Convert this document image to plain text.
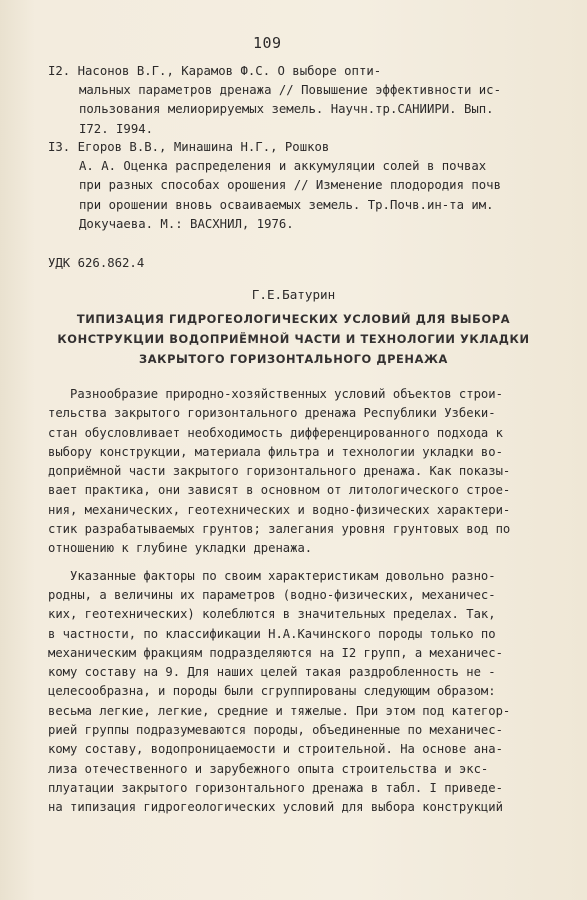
109
I2. Насонов В.Г., Карамов Ф.С. О выборе опти-
мальных параметров дренажа // Повышение эффективности ис-
пользования мелиорируемых земель. Научн.тр.САНИИРИ. Вып.
I72. I994.
I3. Егоров В.В., Минашина Н.Г., Рошков
А. А. Оценка распределения и аккумуляции солей в почвах
при разных способах орошения // Изменение плодородия почв
при орошении вновь осваиваемых земель. Тр.Почв.ин-та им.
Докучаева. М.: ВАСХНИЛ, 1976.
УДК 626.862.4
Г.Е.Батурин
ТИПИЗАЦИЯ ГИДРОГЕОЛОГИЧЕСКИХ УСЛОВИЙ ДЛЯ ВЫБОРА
КОНСТРУКЦИИ ВОДОПРИЁМНОЙ ЧАСТИ И ТЕХНОЛОГИИ УКЛАДКИ
ЗАКРЫТОГО ГОРИЗОНТАЛЬНОГО ДРЕНАЖА
Разнообразие природно-хозяйственных условий объектов строи-
тельства закрытого горизонтального дренажа Республики Узбеки-
стан обусловливает необходимость дифференцированного подхода к
выбору конструкции, материала фильтра и технологии укладки во-
доприёмной части закрытого горизонтального дренажа. Как показы-
вает практика, они зависят в основном от литологического строе-
ния, механических, геотехнических и водно-физических характери-
стик разрабатываемых грунтов; залегания уровня грунтовых вод по
отношению к глубине укладки дренажа.
Указанные факторы по своим характеристикам довольно разно-
родны, а величины их параметров (водно-физических, механичес-
ких, геотехнических) колеблются в значительных пределах. Так,
в частности, по классификации Н.А.Качинского породы только по
механическим фракциям подразделяются на I2 групп, а механичес-
кому составу на 9. Для наших целей такая раздробленность не -
целесообразна, и породы были сгруппированы следующим образом:
весьма легкие, легкие, средние и тяжелые. При этом под категор-
рией группы подразумеваются породы, объединенные по механичес-
кому составу, водопроницаемости и строительной. На основе ана-
лиза отечественного и зарубежного опыта строительства и экс-
плуатации закрытого горизонтального дренажа в табл. I приведе-
на типизация гидрогеологических условий для выбора конструкций
